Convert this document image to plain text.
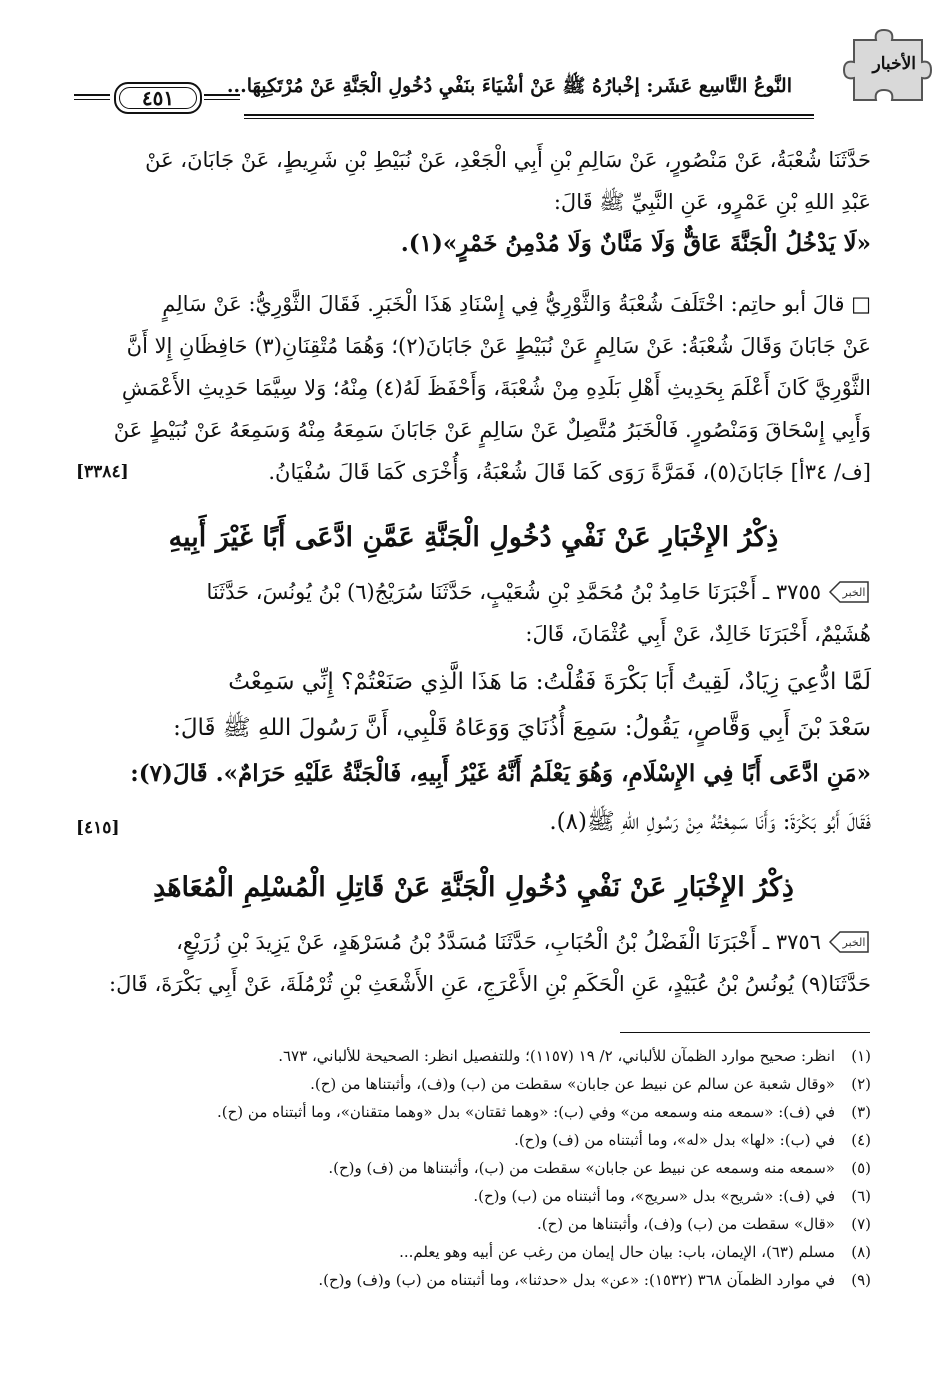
٤٥١	النَّوعُ التَّاسِع عَشَر: إخْبارُهُ ﷺ عَنْ أشْيَاءَ بنَفْيِ دُخُولِ الْجَنَّةِ عَنْ مُرْتَكِبِهَا...
الأخبار
حَدَّثَنَا شُعْبَةُ، عَنْ مَنْصُورٍ، عَنْ سَالِمِ بْنِ أَبِي الْجَعْدِ، عَنْ نُبَيْطِ بْنِ شَرِيطٍ، عَنْ جَابَانَ، عَنْ
عَبْدِ اللهِ بْنِ عَمْرٍو، عَنِ النَّبِيِّ ﷺ قَالَ:
«لَا يَدْخُلُ الْجَنَّةَ عَاقٌّ وَلَا مَنَّانٌ وَلَا مُدْمِنُ خَمْرٍ»(١).
□ قالَ أبو حاتِم: اخْتَلَفَ شُعْبَةُ وَالثَّوْرِيُّ فِي إِسْنَادِ هَذَا الْخَبَرِ. فَقَالَ الثَّوْرِيُّ: عَنْ سَالِمٍ
عَنْ جَابَانَ وَقَالَ شُعْبَةُ: عَنْ سَالِمٍ عَنْ نُبَيْطٍ عَنْ جَابَانَ(٢)؛ وَهُمَا مُتْقِنَانِ(٣) حَافِظَانِ إِلا أَنَّ
الثَّوْرِيَّ كَانَ أَعْلَمَ بِحَدِيثِ أَهْلِ بَلَدِهِ مِنْ شُعْبَةَ، وَأَحْفَظَ لَهُ(٤) مِنْهُ؛ وَلا سِيَّمَا حَدِيثِ الأَعْمَشِ
وَأَبِي إِسْحَاقَ وَمَنْصُورٍ. فَالْخَبَرُ مُتَّصِلٌ عَنْ سَالِمٍ عَنْ جَابَانَ سَمِعَهُ مِنْهُ وَسَمِعَهُ عَنْ نُبَيْطٍ عَنْ
[ف/ ٣٤أ] جَابَانَ(٥)، فَمَرَّةً رَوَى كَمَا قَالَ شُعْبَةُ، وَأُخْرَى كَمَا قَالَ سُفْيَانُ.
[٣٣٨٤]
ذِكْرُ الإِخْبَارِ عَنْ نَفْيِ دُخُولِ الْجَنَّةِ عَمَّنِ ادَّعَى أَبًا غَيْرَ أَبِيهِ
٣٧٥٥ ـ أَخْبَرَنَا حَامِدُ بْنُ مُحَمَّدِ بْنِ شُعَيْبٍ، حَدَّثَنَا سُرَيْجُ(٦) بْنُ يُونُسَ، حَدَّثَنَا الخبر
هُشَيْمٌ، أَخْبَرَنَا خَالِدٌ، عَنْ أَبِي عُثْمَانَ، قَالَ:
لَمَّا ادُّعِيَ زِيَادٌ، لَقِيتُ أَبَا بَكْرَةَ فَقُلْتُ: مَا هَذَا الَّذِي صَنَعْتُمْ؟ إِنِّي سَمِعْتُ
سَعْدَ بْنَ أَبِي وَقَّاصٍ، يَقُولُ: سَمِعَ أُذُنَايَ وَوَعَاهُ قَلْبِي، أَنَّ رَسُولَ اللهِ ﷺ قَالَ:
«مَنِ ادَّعَى أَبًا فِي الإِسْلَامِ، وَهُوَ يَعْلَمُ أَنَّهُ غَيْرُ أَبِيهِ، فَالْجَنَّةُ عَلَيْهِ حَرَامٌ». قَالَ(٧):
فَقَالَ أَبُو بَكْرَةَ: وَأَنَا سَمِعْتُهُ مِنْ رَسُولِ اللهِ ﷺ(٨).
[٤١٥]
ذِكْرُ الإِخْبَارِ عَنْ نَفْيِ دُخُولِ الْجَنَّةِ عَنْ قَاتِلِ الْمُسْلِمِ الْمُعَاهَدِ
٣٧٥٦ ـ أَخْبَرَنَا الْفَضْلُ بْنُ الْحُبَابِ، حَدَّثَنَا مُسَدَّدُ بْنُ مُسَرْهَدٍ، عَنْ يَزِيدَ بْنِ زُرَيْعٍ، الخبر
حَدَّثَنَا(٩) يُونُسُ بْنُ عُبَيْدٍ، عَنِ الْحَكَمِ بْنِ الأَعْرَجِ، عَنِ الأَشْعَثِ بْنِ ثُرْمُلَةَ، عَنْ أَبِي بَكْرَةَ، قَالَ:
(١)انظر: صحيح موارد الظمآن للألباني، ٢/ ١٩ (١١٥٧)؛ وللتفصيل انظر: الصحيحة للألباني، ٦٧٣.
(٢)«وقال شعبة عن سالم عن نبيط عن جابان» سقطت من (ب) و(ف)، وأثبتناها من (ح).
(٣)في (ف): «سمعه منه وسمعه من» وفي (ب): «وهما ثقتان» بدل «وهما متقنان»، وما أثبتناه من (ح).
(٤)في (ب): «لها» بدل «له»، وما أثبتناه من (ف) و(ح).
(٥)«سمعه منه وسمعه عن نبيط عن جابان» سقطت من (ب)، وأثبتناها من (ف) و(ح).
(٦)في (ف): «شريح» بدل «سريج»، وما أثبتناه من (ب) و(ح).
(٧)«قال» سقطت من (ب) و(ف)، وأثبتناها من (ح).
(٨)مسلم (٦٣)، الإيمان، باب: بيان حال إيمان من رغب عن أبيه وهو يعلم...
(٩)في موارد الظمآن ٣٦٨ (١٥٣٢): «عن» بدل «حدثنا»، وما أثبتناه من (ب) و(ف) و(ح).
